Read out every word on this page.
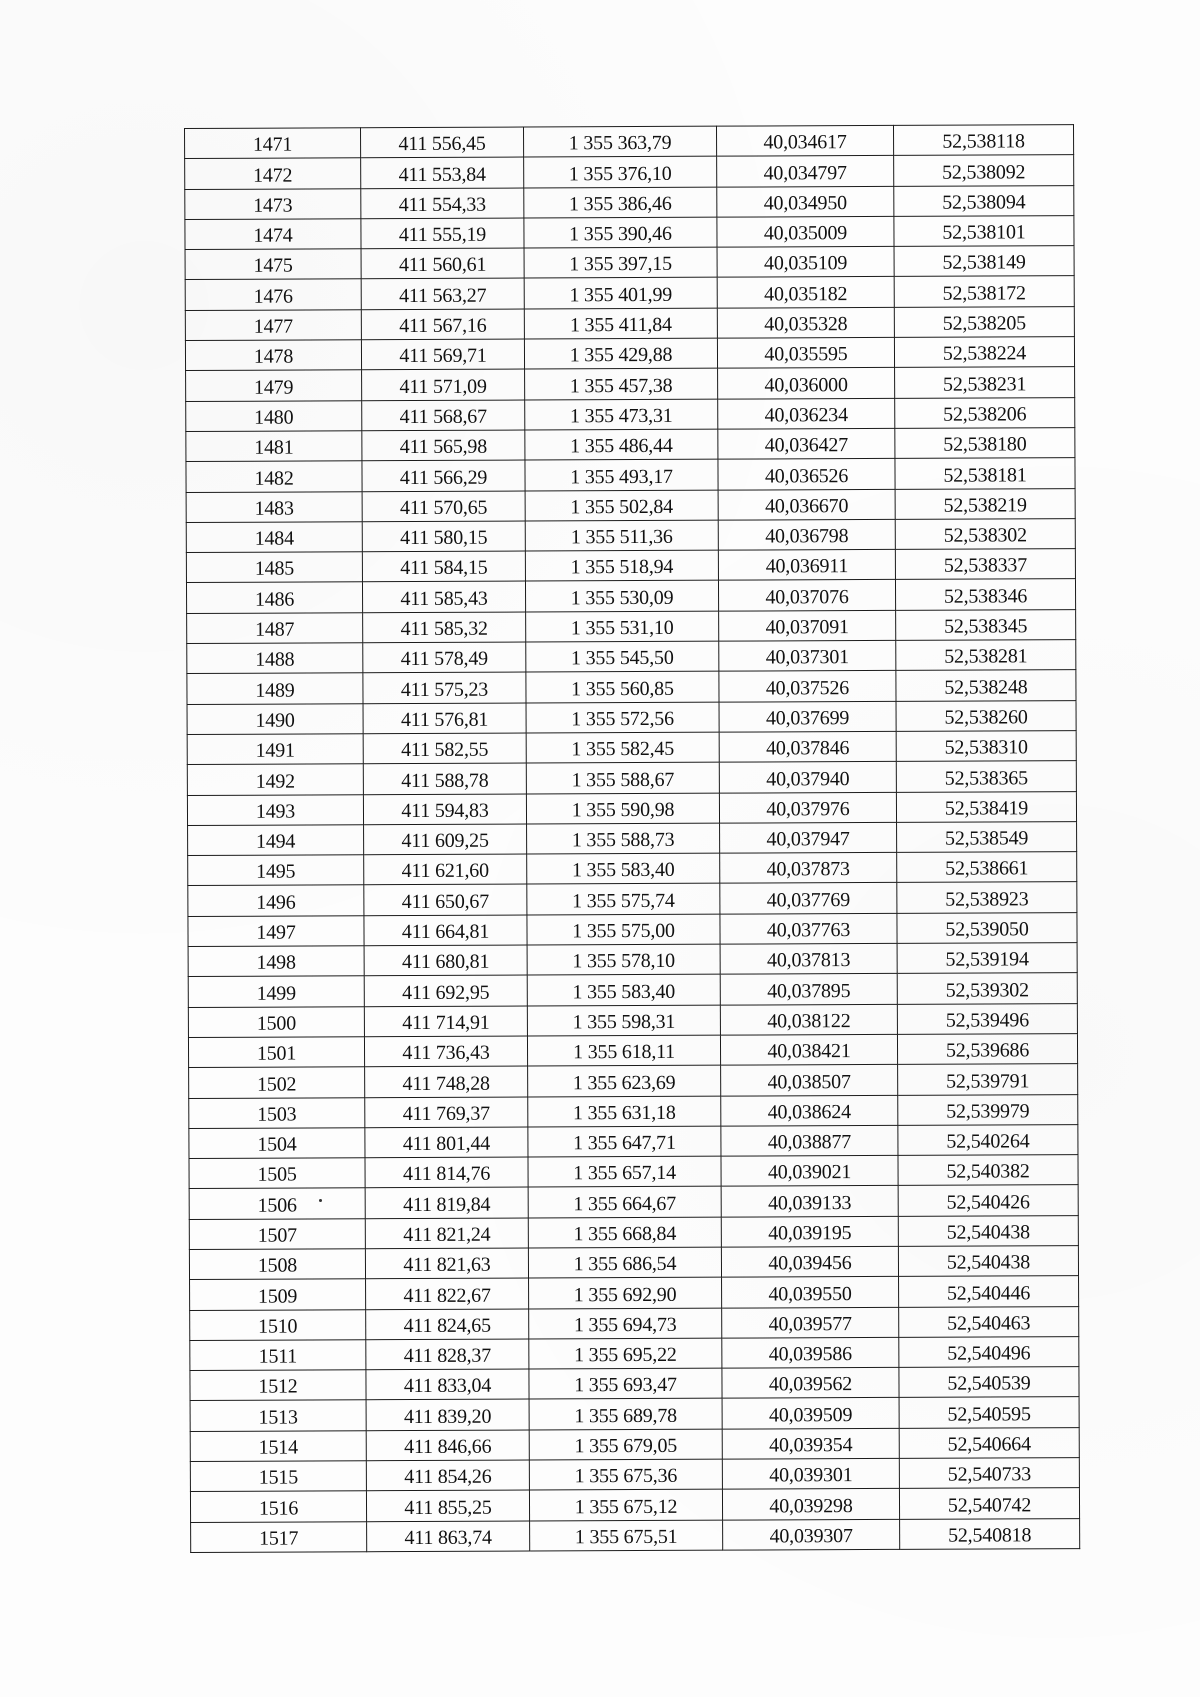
1471	411 556,45	1 355 363,79	40,034617	52,538118
1472	411 553,84	1 355 376,10	40,034797	52,538092
1473	411 554,33	1 355 386,46	40,034950	52,538094
1474	411 555,19	1 355 390,46	40,035009	52,538101
1475	411 560,61	1 355 397,15	40,035109	52,538149
1476	411 563,27	1 355 401,99	40,035182	52,538172
1477	411 567,16	1 355 411,84	40,035328	52,538205
1478	411 569,71	1 355 429,88	40,035595	52,538224
1479	411 571,09	1 355 457,38	40,036000	52,538231
1480	411 568,67	1 355 473,31	40,036234	52,538206
1481	411 565,98	1 355 486,44	40,036427	52,538180
1482	411 566,29	1 355 493,17	40,036526	52,538181
1483	411 570,65	1 355 502,84	40,036670	52,538219
1484	411 580,15	1 355 511,36	40,036798	52,538302
1485	411 584,15	1 355 518,94	40,036911	52,538337
1486	411 585,43	1 355 530,09	40,037076	52,538346
1487	411 585,32	1 355 531,10	40,037091	52,538345
1488	411 578,49	1 355 545,50	40,037301	52,538281
1489	411 575,23	1 355 560,85	40,037526	52,538248
1490	411 576,81	1 355 572,56	40,037699	52,538260
1491	411 582,55	1 355 582,45	40,037846	52,538310
1492	411 588,78	1 355 588,67	40,037940	52,538365
1493	411 594,83	1 355 590,98	40,037976	52,538419
1494	411 609,25	1 355 588,73	40,037947	52,538549
1495	411 621,60	1 355 583,40	40,037873	52,538661
1496	411 650,67	1 355 575,74	40,037769	52,538923
1497	411 664,81	1 355 575,00	40,037763	52,539050
1498	411 680,81	1 355 578,10	40,037813	52,539194
1499	411 692,95	1 355 583,40	40,037895	52,539302
1500	411 714,91	1 355 598,31	40,038122	52,539496
1501	411 736,43	1 355 618,11	40,038421	52,539686
1502	411 748,28	1 355 623,69	40,038507	52,539791
1503	411 769,37	1 355 631,18	40,038624	52,539979
1504	411 801,44	1 355 647,71	40,038877	52,540264
1505	411 814,76	1 355 657,14	40,039021	52,540382
1506	411 819,84	1 355 664,67	40,039133	52,540426
1507	411 821,24	1 355 668,84	40,039195	52,540438
1508	411 821,63	1 355 686,54	40,039456	52,540438
1509	411 822,67	1 355 692,90	40,039550	52,540446
1510	411 824,65	1 355 694,73	40,039577	52,540463
1511	411 828,37	1 355 695,22	40,039586	52,540496
1512	411 833,04	1 355 693,47	40,039562	52,540539
1513	411 839,20	1 355 689,78	40,039509	52,540595
1514	411 846,66	1 355 679,05	40,039354	52,540664
1515	411 854,26	1 355 675,36	40,039301	52,540733
1516	411 855,25	1 355 675,12	40,039298	52,540742
1517	411 863,74	1 355 675,51	40,039307	52,540818
